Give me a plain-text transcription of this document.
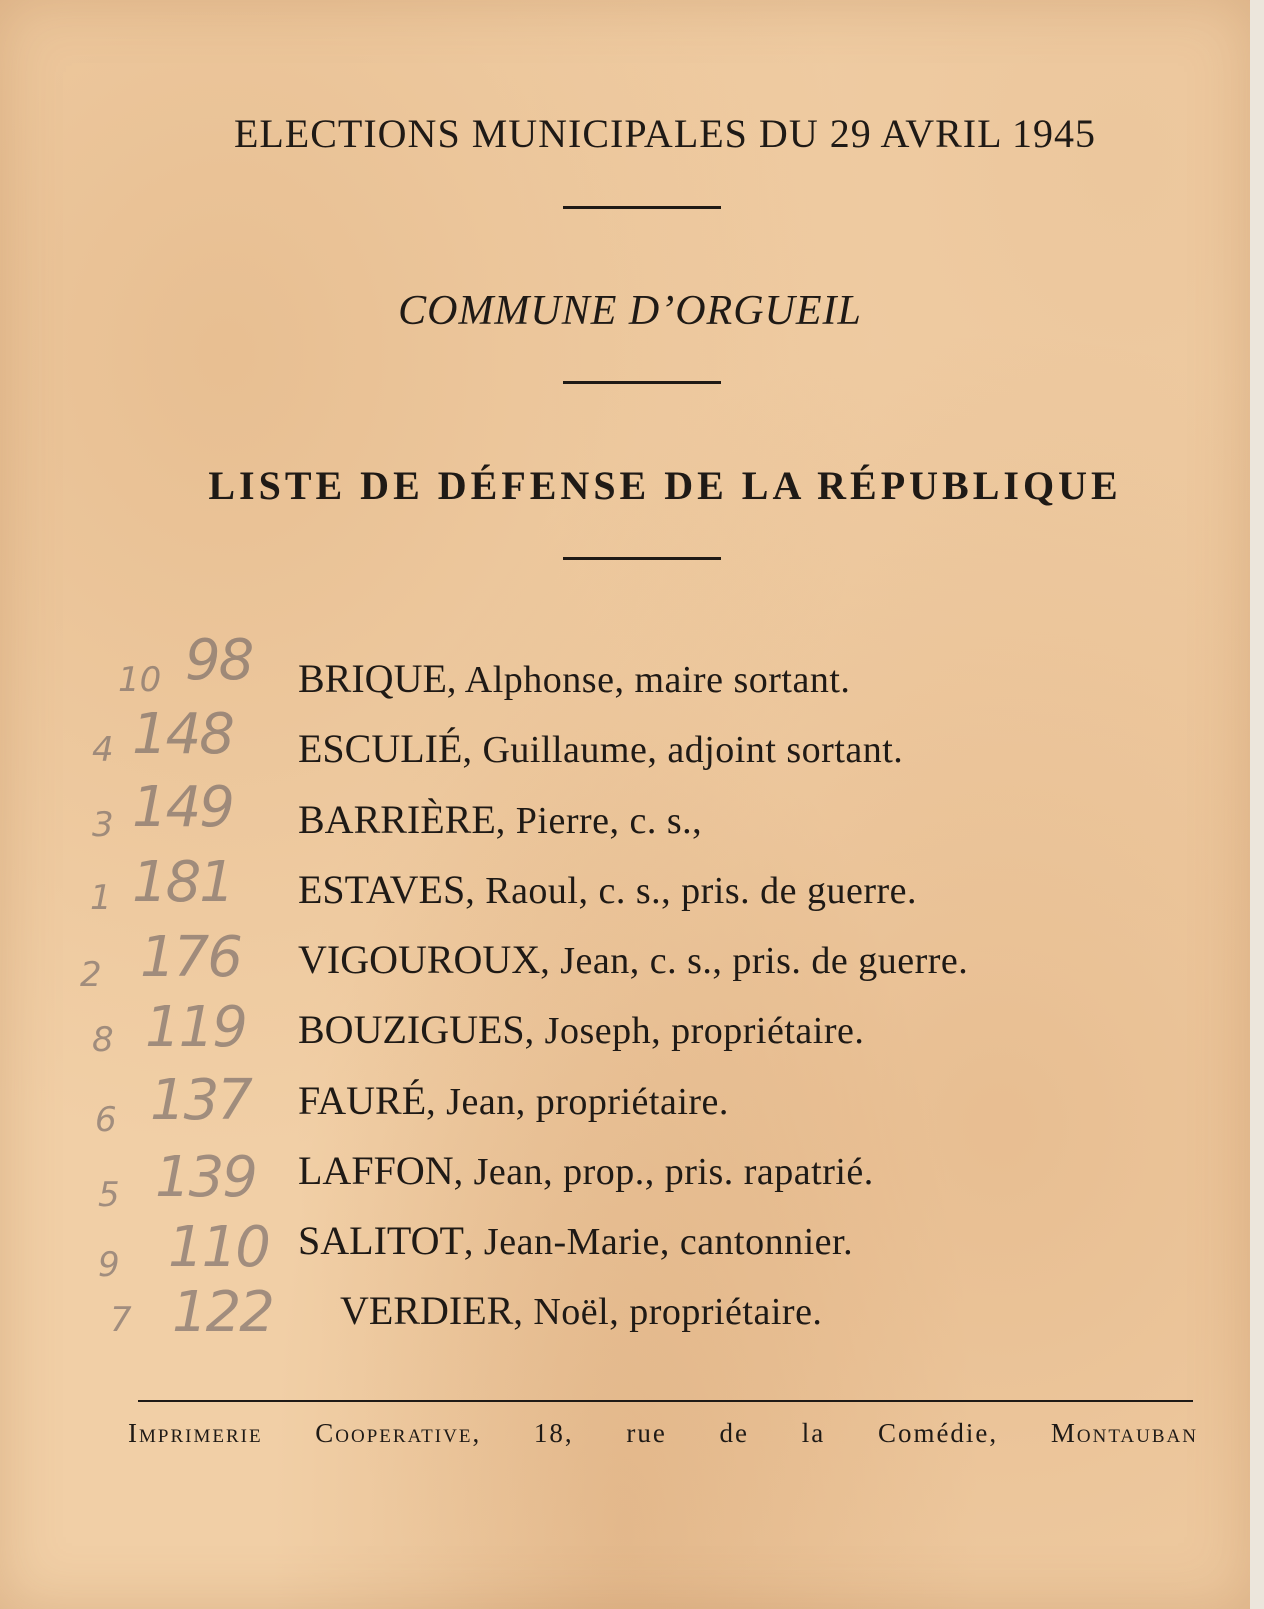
ELECTIONS MUNICIPALES DU 29 AVRIL 1945
COMMUNE D’ORGUEIL
LISTE DE DÉFENSE DE LA RÉPUBLIQUE
10 98
4 148
3 149
1 181
2 176
8 119
6 137
5 139
9 110
7 122
BRIQUE, Alphonse, maire sortant.
ESCULIÉ, Guillaume, adjoint sortant.
BARRIÈRE, Pierre, c. s.,
ESTAVES, Raoul, c. s., pris. de guerre.
VIGOUROUX, Jean, c. s., pris. de guerre.
BOUZIGUES, Joseph, propriétaire.
FAURÉ, Jean, propriétaire.
LAFFON, Jean, prop., pris. rapatrié.
SALITOT, Jean-Marie, cantonnier.
VERDIER, Noël, propriétaire.
Imprimerie Cooperative, 18, rue de la Comédie, Montauban
